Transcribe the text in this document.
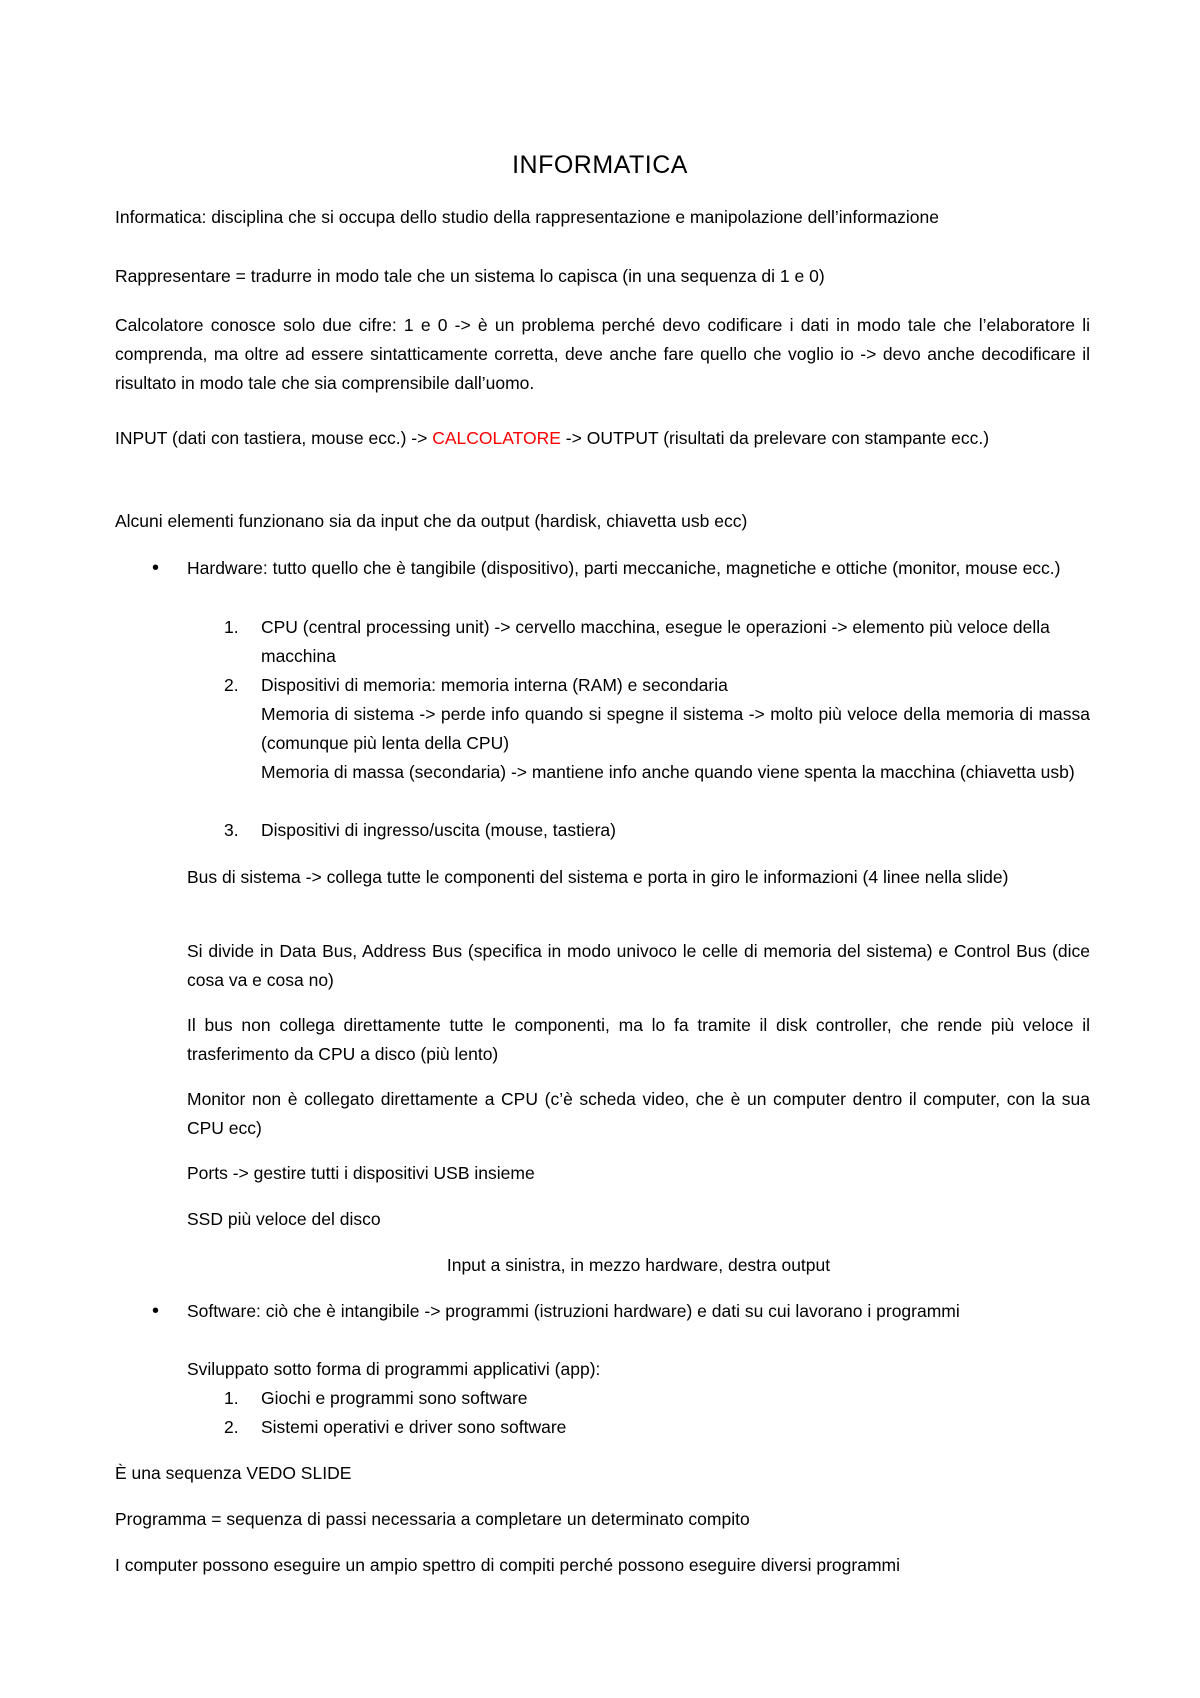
INFORMATICA

Informatica: disciplina che si occupa dello studio della rappresentazione e manipolazione dell’informazione

Rappresentare = tradurre in modo tale che un sistema lo capisca (in una sequenza di 1 e 0)

Calcolatore conosce solo due cifre: 1 e 0 -> è un problema perché devo codificare i dati in modo tale che l’elaboratore li comprenda, ma oltre ad essere sintatticamente corretta, deve anche fare quello che voglio io -> devo anche decodificare il risultato in modo tale che sia comprensibile dall’uomo.

INPUT (dati con tastiera, mouse ecc.) -> CALCOLATORE -> OUTPUT (risultati da prelevare con stampante ecc.)

Alcuni elementi funzionano sia da input che da output (hardisk, chiavetta usb ecc)

• Hardware: tutto quello che è tangibile (dispositivo), parti meccaniche, magnetiche e ottiche (monitor, mouse ecc.)

1.	CPU (central processing unit) -> cervello macchina, esegue le operazioni -> elemento più veloce della macchina

2.	Dispositivi di memoria: memoria interna (RAM) e secondaria

Memoria di sistema -> perde info quando si spegne il sistema -> molto più veloce della memoria di massa (comunque più lenta della CPU)

Memoria di massa (secondaria) -> mantiene info anche quando viene spenta la macchina (chiavetta usb)

3.	Dispositivi di ingresso/uscita (mouse, tastiera)

Bus di sistema -> collega tutte le componenti del sistema e porta in giro le informazioni (4 linee nella slide)

Si divide in Data Bus, Address Bus (specifica in modo univoco le celle di memoria del sistema) e Control Bus (dice cosa va e cosa no)

Il bus non collega direttamente tutte le componenti, ma lo fa tramite il disk controller, che rende più veloce il trasferimento da CPU a disco (più lento)

Monitor non è collegato direttamente a CPU (c’è scheda video, che è un computer dentro il computer, con la sua CPU ecc)

Ports -> gestire tutti i dispositivi USB insieme

SSD più veloce del disco

Input a sinistra, in mezzo hardware, destra output
• Software: ciò che è intangibile -> programmi (istruzioni hardware) e dati su cui lavorano i programmi

Sviluppato sotto forma di programmi applicativi (app):

1.	Giochi e programmi sono software

2.	Sistemi operativi e driver sono software

È una sequenza VEDO SLIDE

Programma = sequenza di passi necessaria a completare un determinato compito

I computer possono eseguire un ampio spettro di compiti perché possono eseguire diversi programmi
